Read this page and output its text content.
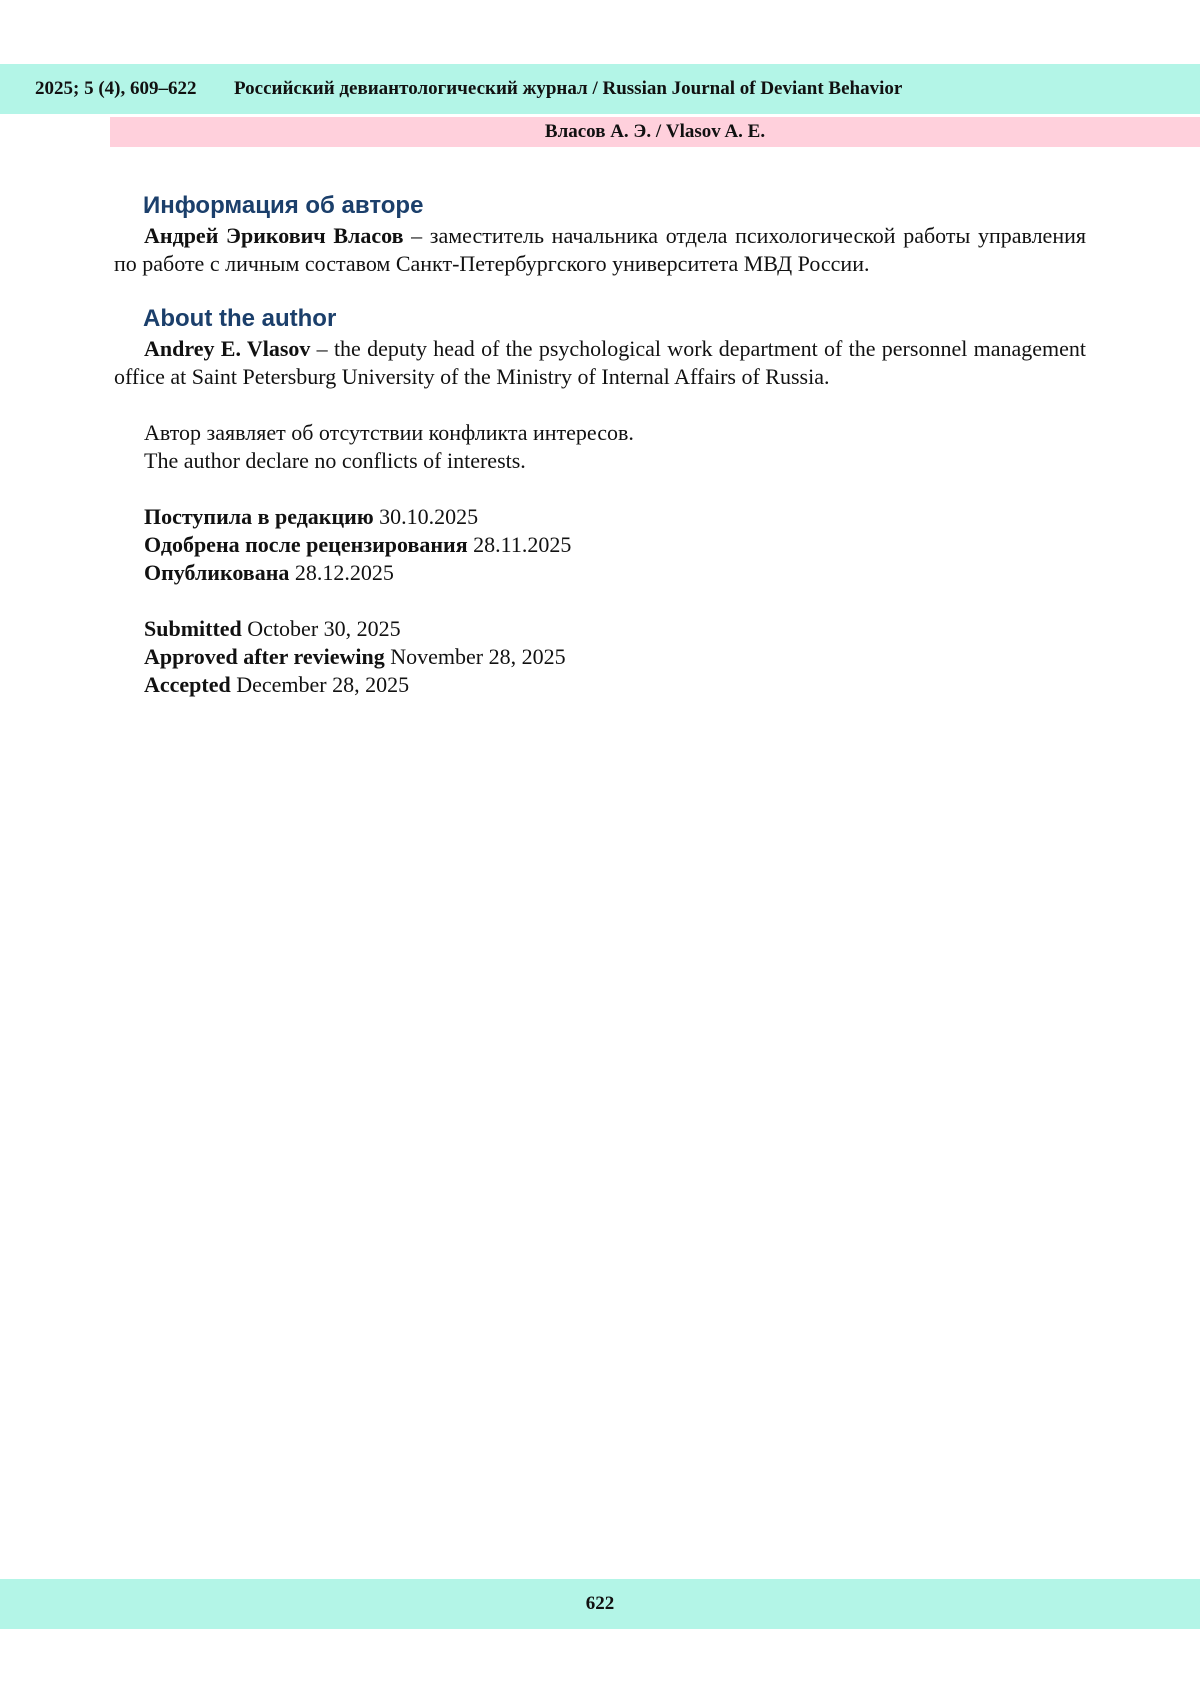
2025; 5 (4), 609–622	Российский девиантологический журнал / Russian Journal of Deviant Behavior
Власов А. Э. / Vlasov A. E.
Информация об авторе

Андрей Эрикович Власов – заместитель начальника отдела психологической работы управления по работе с личным составом Санкт-Петербургского университета МВД России.

About the author

Andrey E. Vlasov – the deputy head of the psychological work department of the personnel management office at Saint Petersburg University of the Ministry of Internal Affairs of Russia.

Автор заявляет об отсутствии конфликта интересов.

The author declare no conflicts of interests.

Поступила в редакцию 30.10.2025

Одобрена после рецензирования 28.11.2025

Опубликована 28.12.2025

Submitted October 30, 2025

Approved after reviewing November 28, 2025

Accepted December 28, 2025

622
